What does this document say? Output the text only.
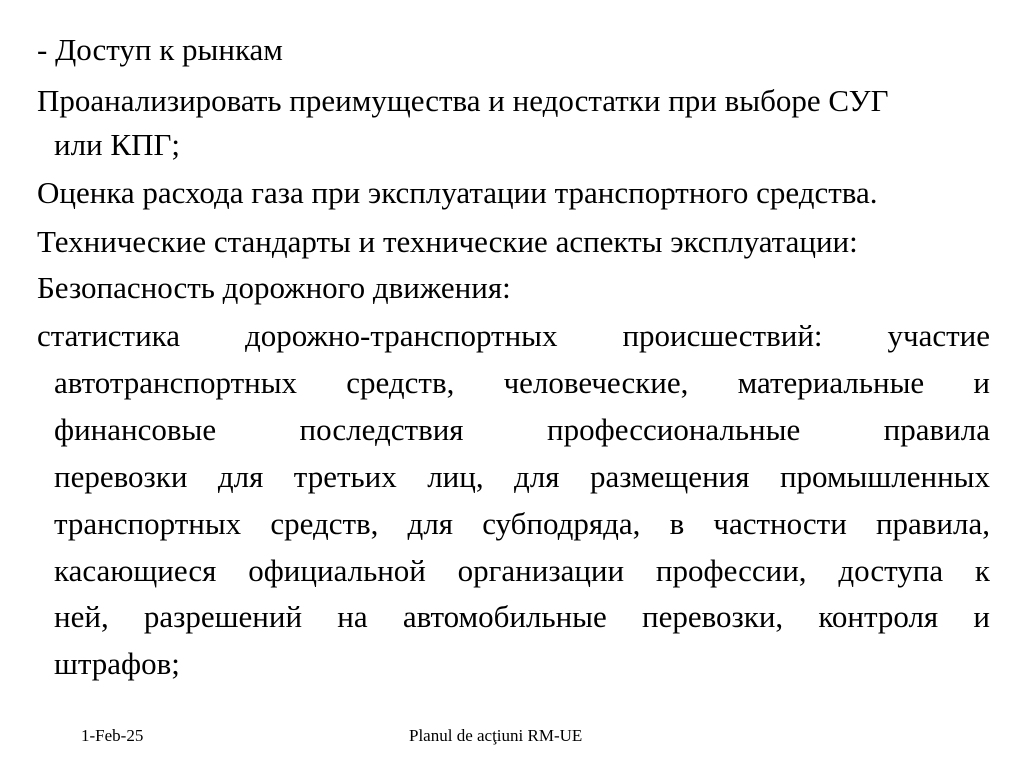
- Доступ к рынкам
Проанализировать преимущества и недостатки при выборе СУГ
или КПГ;
Оценка расхода газа при эксплуатации транспортного средства.
Технические стандарты и технические аспекты эксплуатации:
Безопасность дорожного движения:
статистика дорожно-транспортных происшествий: участие
автотранспортных средств, человеческие, материальные и
финансовые последствия профессиональные правила
перевозки для третьих лиц, для размещения промышленных
транспортных средств, для субподряда, в частности правила,
касающиеся официальной организации профессии, доступа к
ней, разрешений на автомобильные перевозки, контроля и
штрафов;
1-Feb-25	Planul de acţiuni RM-UE
